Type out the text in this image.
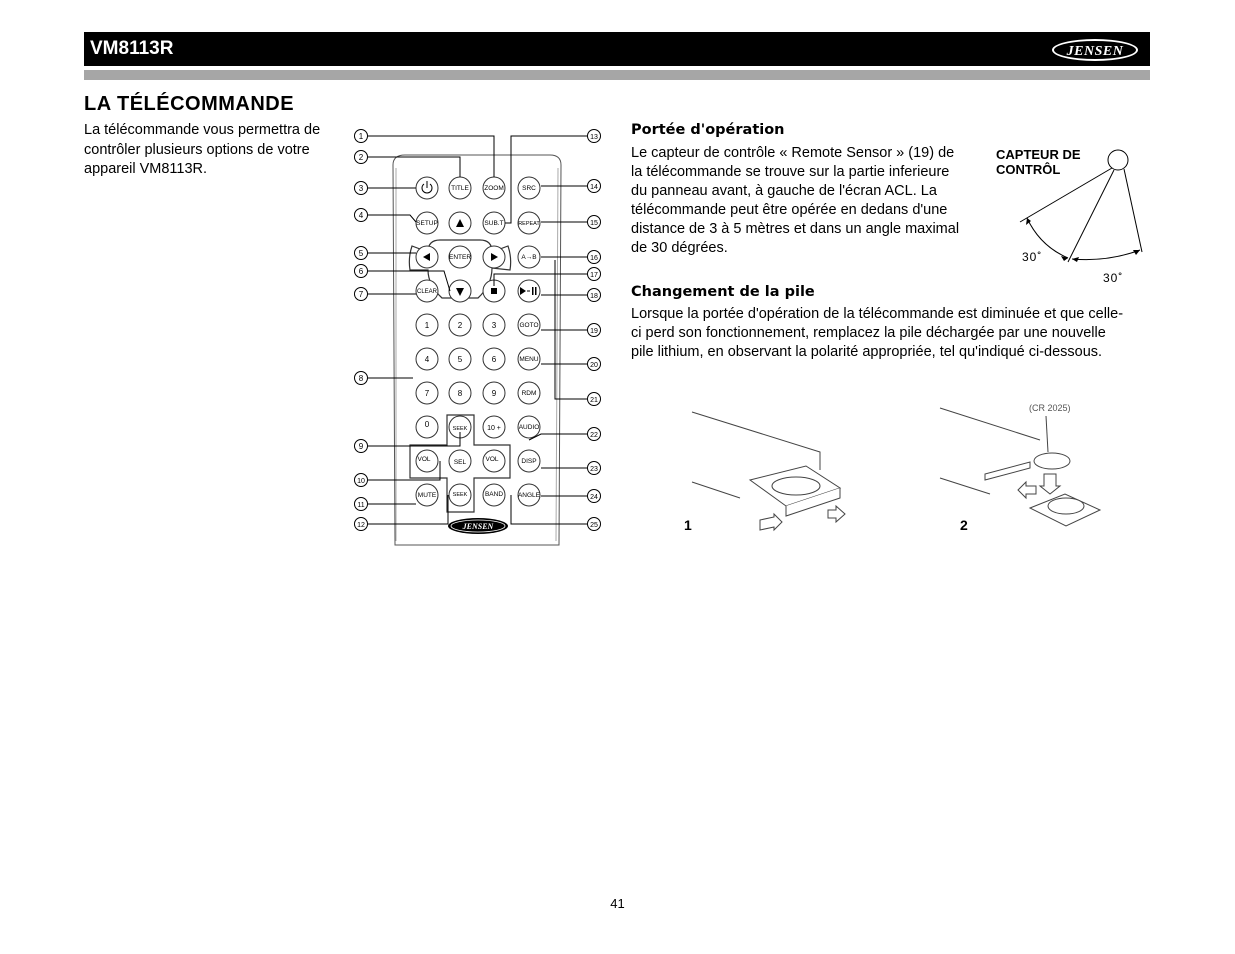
VM8113R	JENSEN
LA TÉLÉCOMMANDE
La télécommande vous permettra de contrôler plusieurs options de votre appareil VM8113R.
TITLE ZOOM	SRC
SETUP	SUB.T	REPEAT
ENTER	A→B
CLEAR
1	2	3	GOTO
4	5	6	MENU
7	8	9	RDM
0	SEEK	10 +	AUDIO
VOL	SEL	VOL	DISP
MUTE	SEEK	BAND ANGLE
JENSEN
1
2
3
4
5
6
7
8
9
10
11
12
13
14
15
16
17
18
19
20
21
22
23
24
25
Portée d'opération
Le capteur de contrôle « Remote Sensor » (19) de la télécommande se trouve sur la partie inferieure du panneau avant, à gauche de l'écran ACL. La télécommande peut être opérée en dedans d'une distance de 3 à 5 mètres et dans un angle maximal de 30 dégrées.
CAPTEUR DE CONTRÔL
30˚
30˚
Changement de la pile
Lorsque la portée d'opération de la télécommande est diminuée et que celle-ci perd son fonctionnement, remplacez la pile déchargée par une nouvelle pile lithium, en observant la polarité appropriée, tel qu'indiqué ci-dessous.
1
(CR 2025)
2
41
